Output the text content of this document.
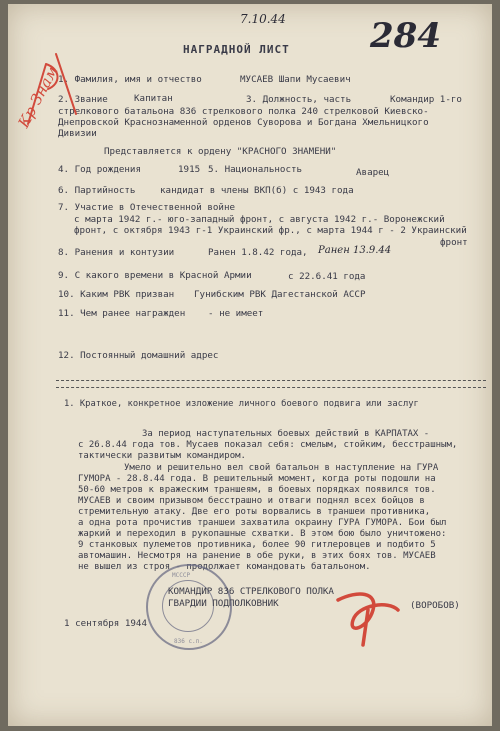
7.10.44 284
НАГРАДНОЙ ЛИСТ
Кр Знам
1. Фамилия, имя и отчество	МУСАЕВ Шапи Мусаевич
2. Звание	Капитан	3. Должность, часть	Командир 1-го
стрелкового батальона 836 стрелкового полка 240 стрелковой Киевско-
Днепровской Краснознаменной орденов Суворова и Богдана Хмельницкого
Дивизии
Представляется к ордену "КРАСНОГО ЗНАМЕНИ"
4. Год рождения	1915 5. Национальность	Аварец
6. Партийность	кандидат в члены ВКП(б) с 1943 года
7. Участие в Отечественной войне
с марта 1942 г.- юго-западный фронт, с августа 1942 г.- Воронежский
фронт, с октября 1943 г-1 Украинский фр., с марта 1944 г - 2 Украинский
фронт
8. Ранения и контузии	Ранен 1.8.42 года, Ранен 13.9.44
9. С какого времени в Красной Армии	с 22.6.41 года
10. Каким РВК призван Гунибским РВК Дагестанской АССР
11. Чем ранее награжден - не имеет
12. Постоянный домашний адрес
1. Краткое, конкретное изложение личного боевого подвига или заслуг
За период наступательных боевых действий в КАРПАТАХ -
с 26.8.44 года тов. Мусаев показал себя: смелым, стойким, бесстрашным,
тактически развитым командиром.
Умело и решительно вел свой батальон в наступление на ГУРА
ГУМОРА - 28.8.44 года. В решительный момент, когда роты подошли на
50-60 метров к вражеским траншеям, в боевых порядках появился тов.
МУСАЕВ и своим призывом бесстрашно и отваги поднял всех бойцов в
стремительную атаку. Две его роты ворвались в траншеи противника,
а одна рота прочистив траншеи захватила окраину ГУРА ГУМОРА. Бои был
жаркий и переходил в рукопашные схватки. В этом бою было уничтожено:
9 станковых пулеметов противника, более 90 гитлеровцев и подбито 5
автомашин. Несмотря на ранение в обе руки, в этих боях тов. МУСАЕВ
не вышел из строя - продолжает командовать батальоном.
МСССР
836 с.п.
КОМАНДИР 836 СТРЕЛКОВОГО ПОЛКА
ГВАРДИИ ПОДПОЛКОВНИК	(ВОРОБОВ)
1 сентября 1944
